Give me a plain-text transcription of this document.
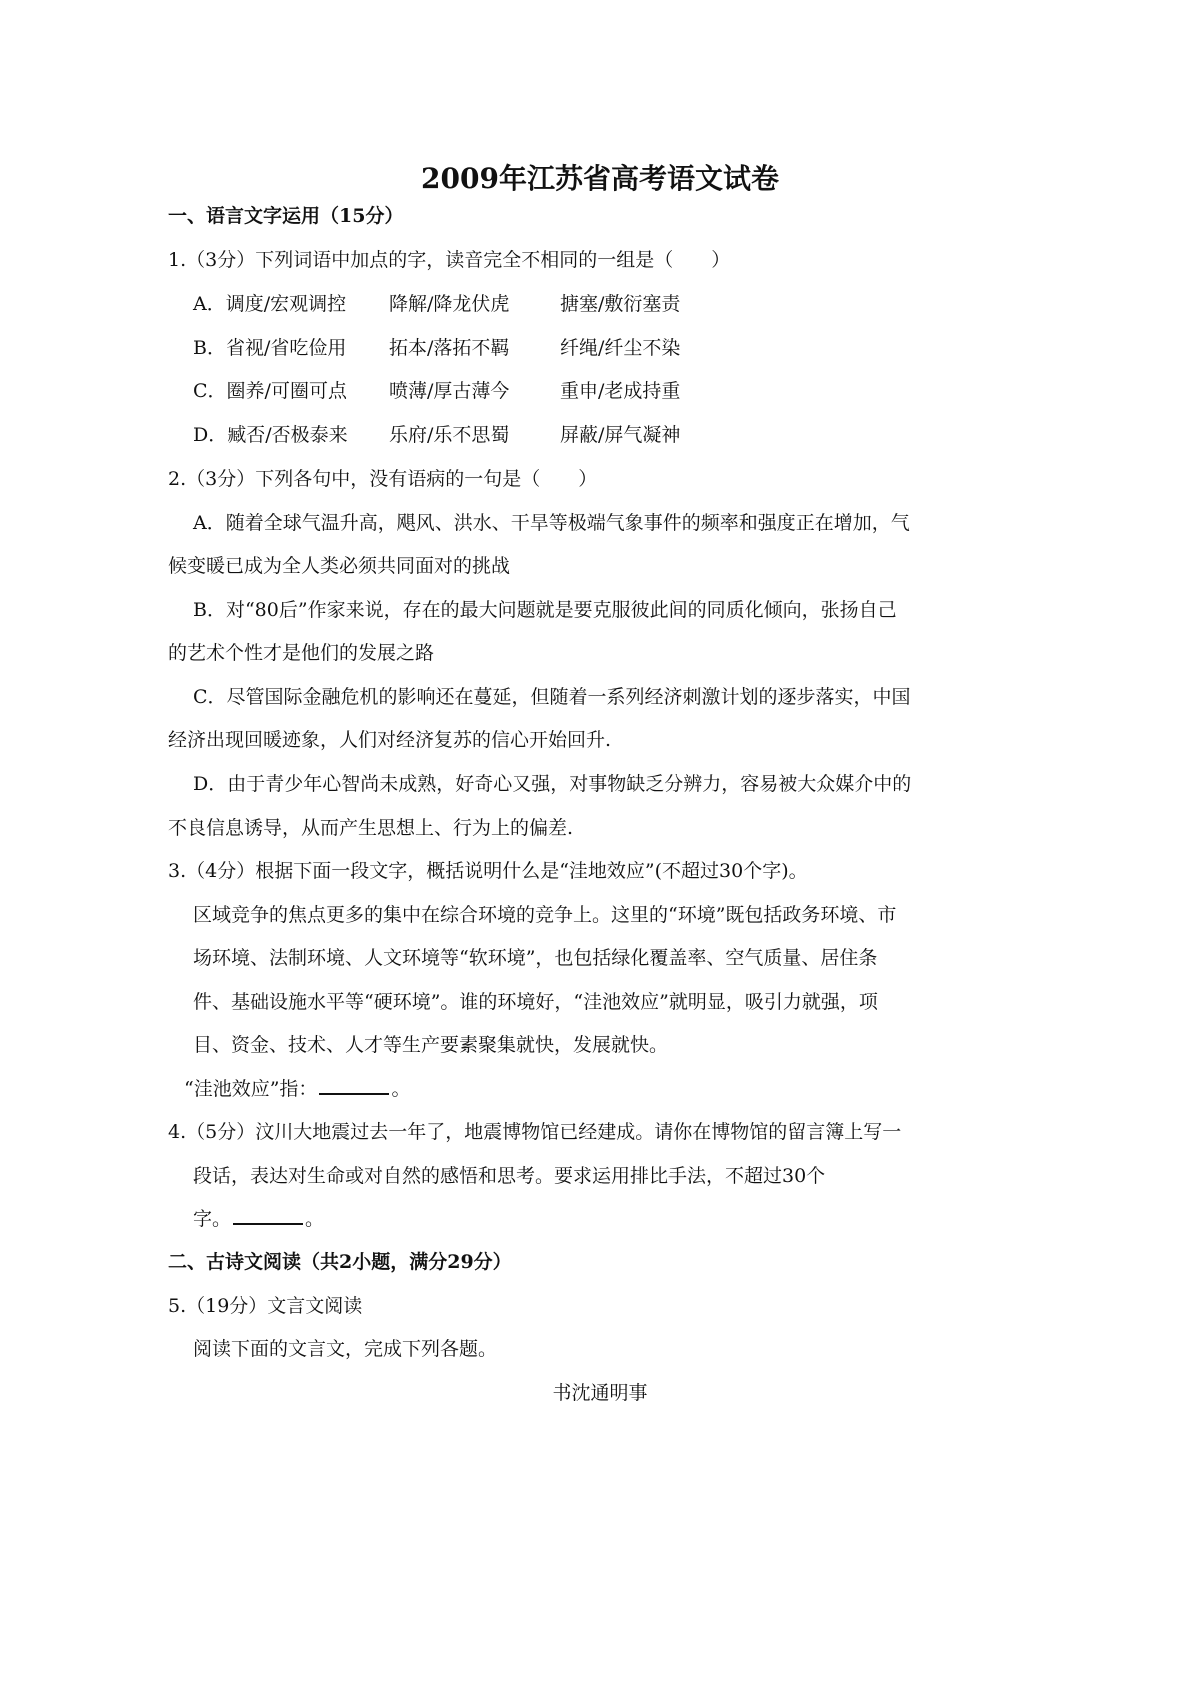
2009年江苏省高考语文试卷
一、语言文字运用（15分）
1.（3分）下列词语中加点的字，读音完全不相同的一组是（　　）
A．调度/宏观调控 降解/降龙伏虎	搪塞/敷衍塞责
B．省视/省吃俭用 拓本/落拓不羁	纤绳/纤尘不染
C．圈养/可圈可点 喷薄/厚古薄今	重申/老成持重
D．臧否/否极泰来 乐府/乐不思蜀	屏蔽/屏气凝神
2.（3分）下列各句中，没有语病的一句是（　　）
A．随着全球气温升高，飓风、洪水、干旱等极端气象事件的频率和强度正在增加，气
候变暖已成为全人类必须共同面对的挑战
B．对“80后”作家来说，存在的最大问题就是要克服彼此间的同质化倾向，张扬自己
的艺术个性才是他们的发展之路
C．尽管国际金融危机的影响还在蔓延，但随着一系列经济刺激计划的逐步落实，中国
经济出现回暖迹象，人们对经济复苏的信心开始回升.
D．由于青少年心智尚未成熟，好奇心又强，对事物缺乏分辨力，容易被大众媒介中的
不良信息诱导，从而产生思想上、行为上的偏差.
3.（4分）根据下面一段文字，概括说明什么是“洼地效应”(不超过30个字)。
区域竞争的焦点更多的集中在综合环境的竞争上。这里的“环境”既包括政务环境、市
场环境、法制环境、人文环境等“软环境”，也包括绿化覆盖率、空气质量、居住条
件、基础设施水平等“硬环境”。谁的环境好，“洼池效应”就明显，吸引力就强，项
目、资金、技术、人才等生产要素聚集就快，发展就快。
“洼池效应”指：	。
4.（5分）汶川大地震过去一年了，地震博物馆已经建成。请你在博物馆的留言簿上写一
段话，表达对生命或对自然的感悟和思考。要求运用排比手法，不超过30个
字。	。
二、古诗文阅读（共2小题，满分29分）
5.（19分）文言文阅读
阅读下面的文言文，完成下列各题。
书沈通明事
